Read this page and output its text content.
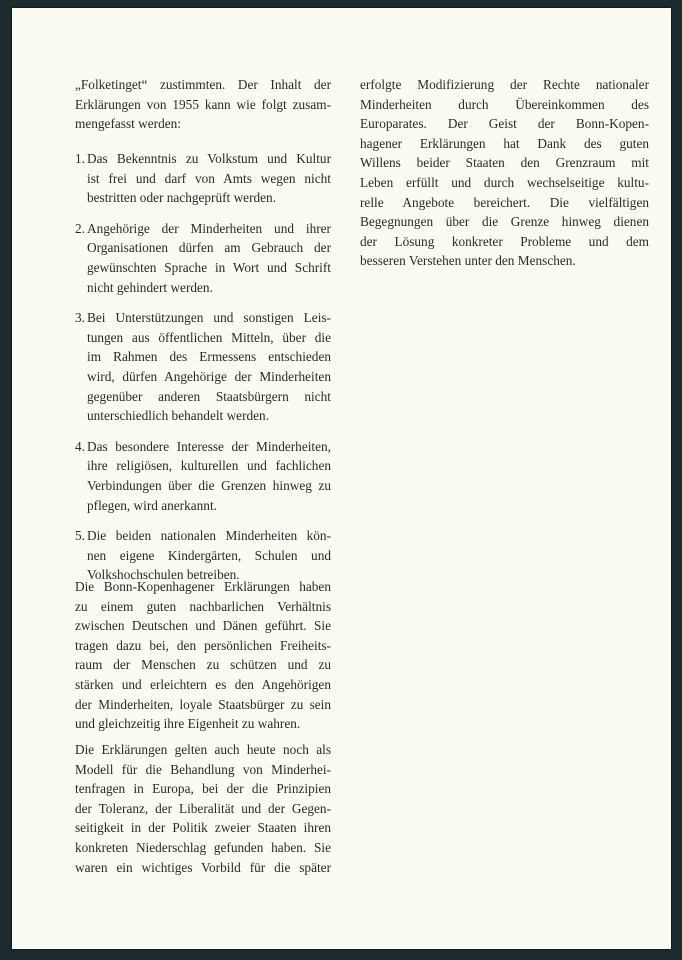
„Folketinget“ zustimmten. Der Inhalt der
Erklärungen von 1955 kann wie folgt zusam-
mengefasst werden:
1. Das Bekenntnis zu Volkstum und Kultur
ist frei und darf von Amts wegen nicht
bestritten oder nachgeprüft werden.
2. Angehörige der Minderheiten und ihrer
Organisationen dürfen am Gebrauch der
gewünschten Sprache in Wort und Schrift
nicht gehindert werden.
3. Bei Unterstützungen und sonstigen Leis-
tungen aus öffentlichen Mitteln, über die
im Rahmen des Ermessens entschieden
wird, dürfen Angehörige der Minderheiten
gegenüber anderen Staatsbürgern nicht
unterschiedlich behandelt werden.
4. Das besondere Interesse der Minderheiten,
ihre religiösen, kulturellen und fachlichen
Verbindungen über die Grenzen hinweg zu
pflegen, wird anerkannt.
5. Die beiden nationalen Minderheiten kön-
nen eigene Kindergärten, Schulen und
Volkshochschulen betreiben.
Die Bonn-Kopenhagener Erklärungen haben
zu einem guten nachbarlichen Verhältnis
zwischen Deutschen und Dänen geführt. Sie
tragen dazu bei, den persönlichen Freiheits-
raum der Menschen zu schützen und zu
stärken und erleichtern es den Angehörigen
der Minderheiten, loyale Staatsbürger zu sein
und gleichzeitig ihre Eigenheit zu wahren.
Die Erklärungen gelten auch heute noch als
Modell für die Behandlung von Minderhei-
tenfragen in Europa, bei der die Prinzipien
der Toleranz, der Liberalität und der Gegen-
seitigkeit in der Politik zweier Staaten ihren
konkreten Niederschlag gefunden haben. Sie
waren ein wichtiges Vorbild für die später
erfolgte Modifizierung der Rechte nationaler
Minderheiten durch Übereinkommen des
Europarates. Der Geist der Bonn-Kopen-
hagener Erklärungen hat Dank des guten
Willens beider Staaten den Grenzraum mit
Leben erfüllt und durch wechselseitige kultu-
relle Angebote bereichert. Die vielfältigen
Begegnungen über die Grenze hinweg dienen
der Lösung konkreter Probleme und dem
besseren Verstehen unter den Menschen.
